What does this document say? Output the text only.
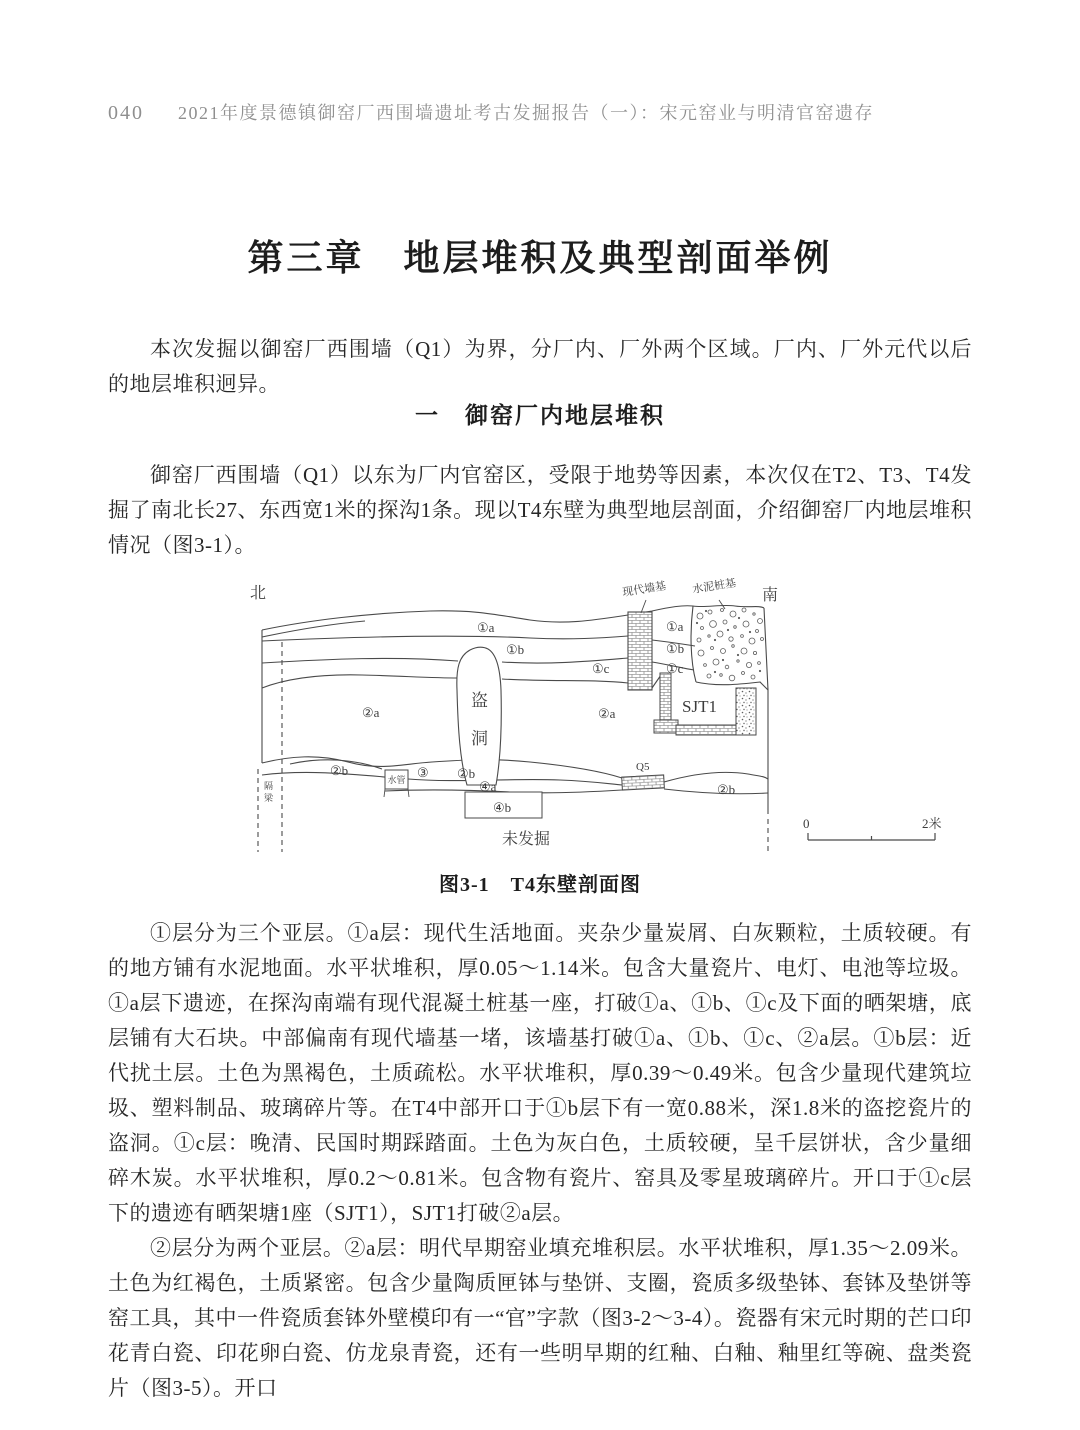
040 2021年度景德镇御窑厂西围墙遗址考古发掘报告（一）：宋元窑业与明清官窑遗存
第三章　地层堆积及典型剖面举例

本次发掘以御窑厂西围墙（Q1）为界，分厂内、厂外两个区域。厂内、厂外元代以后的地层堆积迥异。

一　御窑厂内地层堆积

御窑厂西围墙（Q1）以东为厂内官窑区，受限于地势等因素，本次仅在T2、T3、T4发掘了南北长27、东西宽1米的探沟1条。现以T4东壁为典型地层剖面，介绍御窑厂内地层堆积情况（图3-1）。

盗
洞
现代墙基 水泥桩基
SJT1
Q5
水管
北	南
①a
①b
①c
①a
①b
①c
②a	②a
②b	③ ②b
④a
④b
②b
隔
梁
未发掘
0	2米

图3-1　T4东壁剖面图

①层分为三个亚层。①a层：现代生活地面。夹杂少量炭屑、白灰颗粒，土质较硬。有的地方铺有水泥地面。水平状堆积，厚0.05～1.14米。包含大量瓷片、电灯、电池等垃圾。①a层下遗迹，在探沟南端有现代混凝土桩基一座，打破①a、①b、①c及下面的晒架塘，底层铺有大石块。中部偏南有现代墙基一堵，该墙基打破①a、①b、①c、②a层。①b层：近代扰土层。土色为黑褐色，土质疏松。水平状堆积，厚0.39～0.49米。包含少量现代建筑垃圾、塑料制品、玻璃碎片等。在T4中部开口于①b层下有一宽0.88米，深1.8米的盗挖瓷片的盗洞。①c层：晚清、民国时期踩踏面。土色为灰白色，土质较硬，呈千层饼状，含少量细碎木炭。水平状堆积，厚0.2～0.81米。包含物有瓷片、窑具及零星玻璃碎片。开口于①c层下的遗迹有晒架塘1座（SJT1），SJT1打破②a层。

②层分为两个亚层。②a层：明代早期窑业填充堆积层。水平状堆积，厚1.35～2.09米。土色为红褐色，土质紧密。包含少量陶质匣钵与垫饼、支圈，瓷质多级垫钵、套钵及垫饼等窑工具，其中一件瓷质套钵外壁模印有一“官”字款（图3-2～3-4）。瓷器有宋元时期的芒口印花青白瓷、印花卵白瓷、仿龙泉青瓷，还有一些明早期的红釉、白釉、釉里红等碗、盘类瓷片（图3-5）。开口
